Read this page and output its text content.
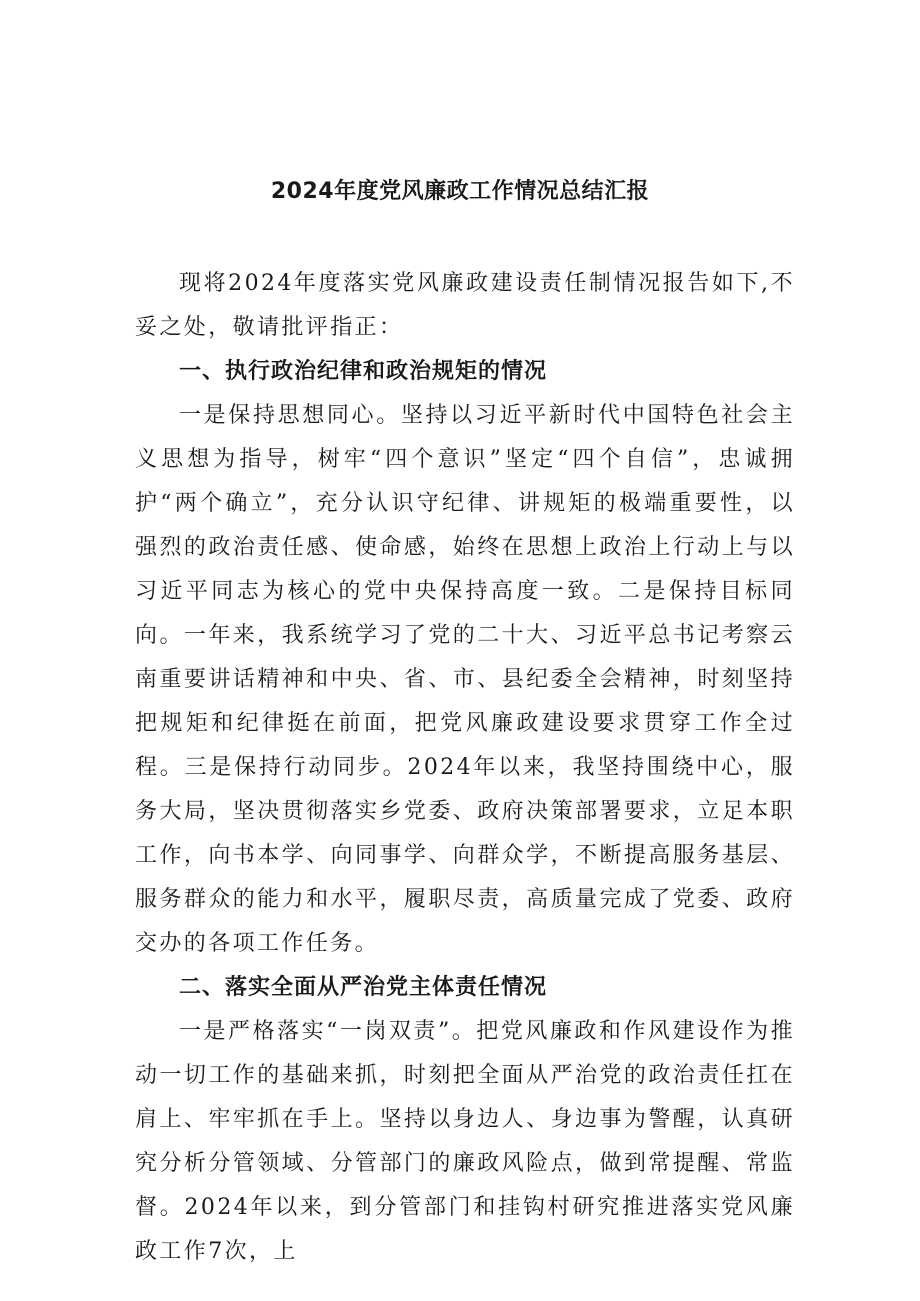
2024年度党风廉政工作情况总结汇报

现将2024年度落实党风廉政建设责任制情况报告如下,不妥之处，敬请批评指正：

一、执行政治纪律和政治规矩的情况

一是保持思想同心。坚持以习近平新时代中国特色社会主义思想为指导，树牢“四个意识”坚定“四个自信”，忠诚拥护“两个确立”，充分认识守纪律、讲规矩的极端重要性，以强烈的政治责任感、使命感，始终在思想上政治上行动上与以习近平同志为核心的党中央保持高度一致。二是保持目标同向。一年来，我系统学习了党的二十大、习近平总书记考察云南重要讲话精神和中央、省、市、县纪委全会精神，时刻坚持把规矩和纪律挺在前面，把党风廉政建设要求贯穿工作全过程。三是保持行动同步。2024年以来，我坚持围绕中心，服务大局，坚决贯彻落实乡党委、政府决策部署要求，立足本职工作，向书本学、向同事学、向群众学，不断提高服务基层、服务群众的能力和水平，履职尽责，高质量完成了党委、政府交办的各项工作任务。

二、落实全面从严治党主体责任情况

一是严格落实“一岗双责”。把党风廉政和作风建设作为推动一切工作的基础来抓，时刻把全面从严治党的政治责任扛在肩上、牢牢抓在手上。坚持以身边人、身边事为警醒，认真研究分析分管领域、分管部门的廉政风险点，做到常提醒、常监督。2024年以来，到分管部门和挂钩村研究推进落实党风廉政工作7次，上
